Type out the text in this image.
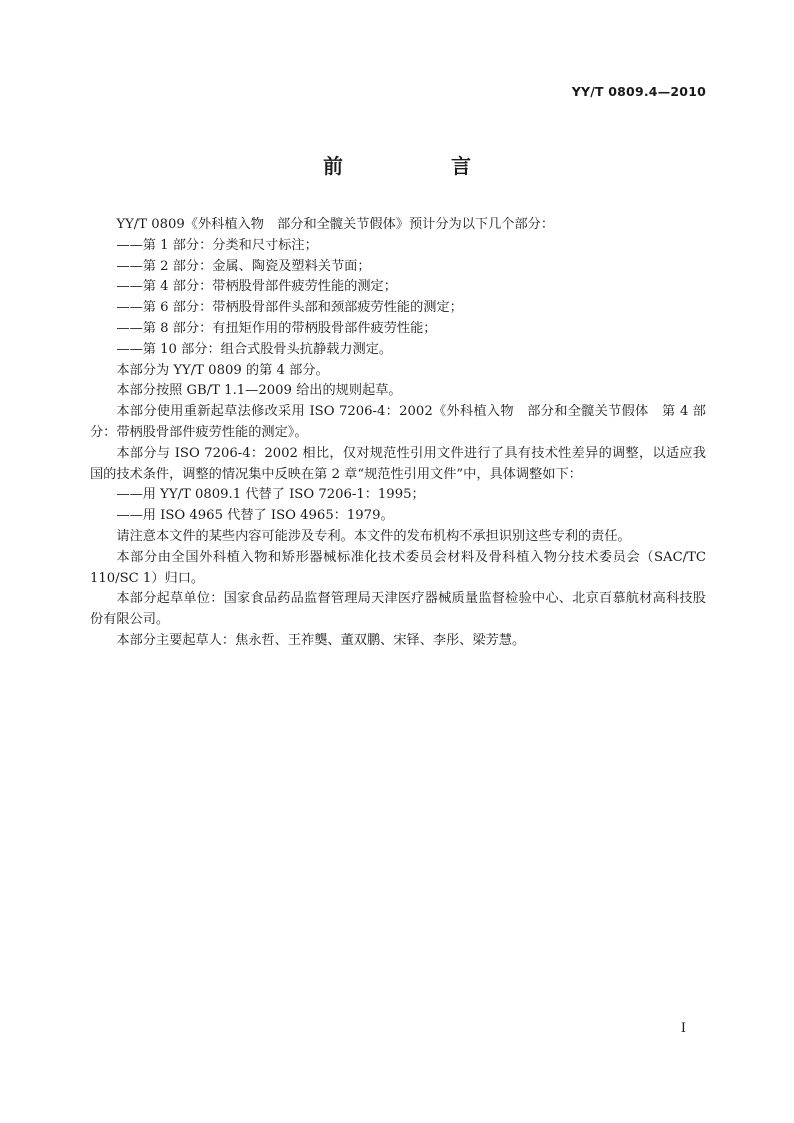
YY/T 0809.4—2010
前　言

YY/T 0809《外科植入物　部分和全髋关节假体》预计分为以下几个部分：

——第 1 部分：分类和尺寸标注；

——第 2 部分：金属、陶瓷及塑料关节面；

——第 4 部分：带柄股骨部件疲劳性能的测定；

——第 6 部分：带柄股骨部件头部和颈部疲劳性能的测定；

——第 8 部分：有扭矩作用的带柄股骨部件疲劳性能；

——第 10 部分：组合式股骨头抗静载力测定。

本部分为 YY/T 0809 的第 4 部分。

本部分按照 GB/T 1.1—2009 给出的规则起草。

本部分使用重新起草法修改采用 ISO 7206-4：2002《外科植入物　部分和全髋关节假体　第 4 部分：带柄股骨部件疲劳性能的测定》。

本部分与 ISO 7206-4：2002 相比，仅对规范性引用文件进行了具有技术性差异的调整，以适应我国的技术条件，调整的情况集中反映在第 2 章“规范性引用文件”中，具体调整如下：

——用 YY/T 0809.1 代替了 ISO 7206-1：1995；

——用 ISO 4965 代替了 ISO 4965：1979。

请注意本文件的某些内容可能涉及专利。本文件的发布机构不承担识别这些专利的责任。

本部分由全国外科植入物和矫形器械标准化技术委员会材料及骨科植入物分技术委员会（SAC/TC 110/SC 1）归口。

本部分起草单位：国家食品药品监督管理局天津医疗器械质量监督检验中心、北京百慕航材高科技股份有限公司。

本部分主要起草人：焦永哲、王祚龑、董双鹏、宋铎、李彤、梁芳慧。

I
